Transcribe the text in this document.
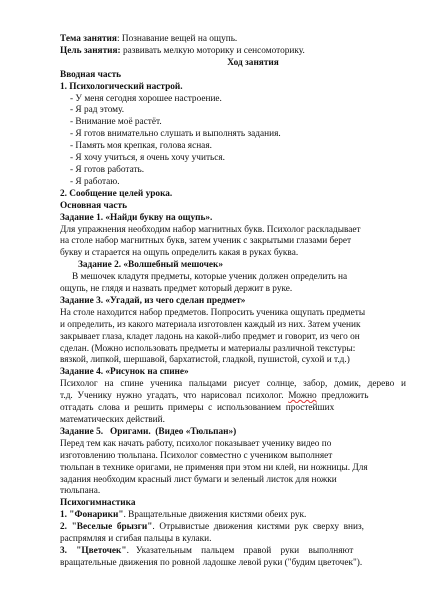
Тема занятия: Познавание вещей на ощупь.
Цель занятия: развивать мелкую моторику и сенсомоторику.
Ход занятия
Вводная часть
1. Психологический настрой.
- У меня сегодня хорошее настроение.
- Я рад этому.
- Внимание моё растёт.
- Я готов внимательно слушать и выполнять задания.
- Память моя крепкая, голова ясная.
- Я хочу учиться, я очень хочу учиться.
- Я готов работать.
- Я работаю.
2. Сообщение целей урока.
Основная часть
Задание 1. «Найди букву на ощупь».
Для упражнения необходим набор магнитных букв. Психолог раскладывает
на столе набор магнитных букв, затем ученик с закрытыми глазами берет
букву и старается на ощупь определить какая в руках буква.
Задание 2. «Волшебный мешочек»
В мешочек кладутя предметы, которые ученик должен определить на
ощупь, не глядя и назвать предмет который держит в руке.
Задание 3. «Угадай, из чего сделан предмет»
На столе находится набор предметов. Попросить ученика ощупать предметы
и определить, из какого материала изготовлен каждый из них. Затем ученик
закрывает глаза, кладет ладонь на какой-либо предмет и говорит, из чего он
сделан. (Можно использовать предметы и материалы различной текстуры:
вязкой, липкой, шершавой, бархатистой, гладкой, пушистой, сухой и т.д.)
Задание 4. «Рисунок на спине»
Психолог на спине ученика пальцами рисует солнце, забор, домик, дерево и
т.д.  Ученику  нужно  угадать,  что  нарисовал  психолог.  Можно  предложить
отгадать  слова  и  решить  примеры  с  использованием  простейших
математических действий.
Задание 5.   Оригами.  (Видео «Тюльпан»)
Перед тем как начать работу, психолог показывает ученику видео по
изготовлению тюльпана. Психолог совместно с учеником выполняет
тюльпан в технике оригами, не применяя при этом ни клей, ни ножницы. Для
задания необходим красный лист бумаги и зеленый листок для ножки
тюльпана.
Психогимнастика
1. "Фонарики". Вращательные движения кистями обеих рук.
2.  "Веселые  брызги".  Отрывистые  движения  кистями  рук  сверху  вниз,
распрямляя и сгибая пальцы в кулаки.
3.    "Цветочек".   Указательным    пальцем    правой    руки    выполняют
вращательные движения по ровной ладошке левой руки ("будим цветочек").
